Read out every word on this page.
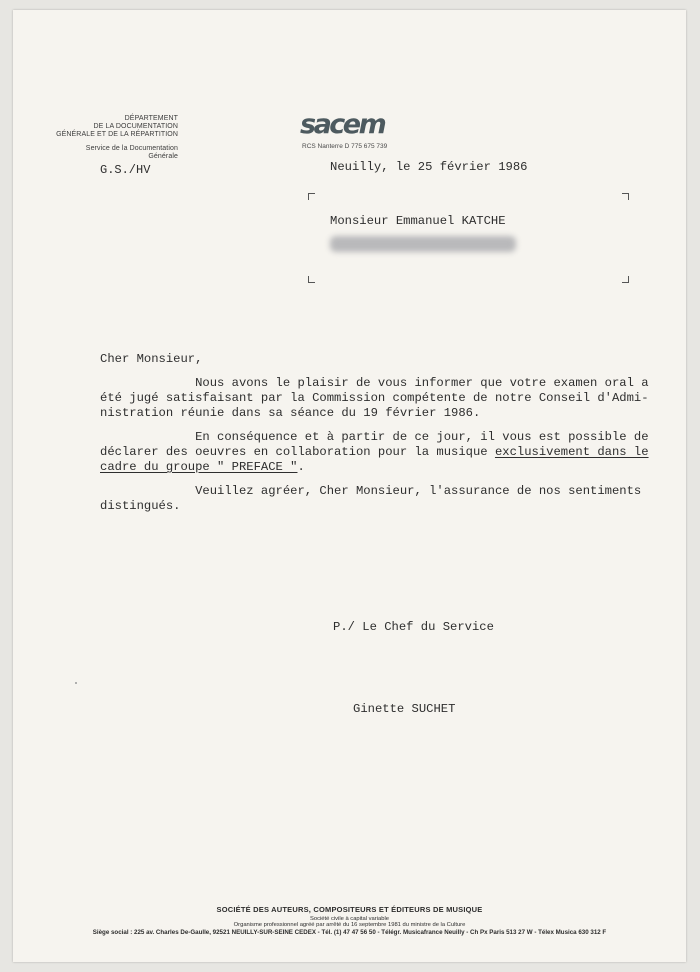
DÉPARTEMENT
DE LA DOCUMENTATION
GÉNÉRALE ET DE LA RÉPARTITION
Service de la Documentation
Générale
G.S./HV
sacem
RCS Nanterre D 775 675 739
Neuilly, le 25 février 1986
Monsieur Emmanuel KATCHE
Cher Monsieur,
Nous avons le plaisir de vous informer que votre examen oral a
été jugé satisfaisant par la Commission compétente de notre Conseil d'Admi-
nistration réunie dans sa séance du 19 février 1986.
En conséquence et à partir de ce jour, il vous est possible de
déclarer des oeuvres en collaboration pour la musique exclusivement dans le
cadre du groupe " PREFACE ".
Veuillez agréer, Cher Monsieur, l'assurance de nos sentiments
distingués.
P./ Le Chef du Service
Ginette SUCHET
SOCIÉTÉ DES AUTEURS, COMPOSITEURS ET ÉDITEURS DE MUSIQUE
Société civile à capital variable
Organisme professionnel agréé par arrêté du 16 septembre 1981 du ministre de la Culture
Siège social : 225 av. Charles De-Gaulle, 92521 NEUILLY-SUR-SEINE CEDEX - Tél. (1) 47 47 56 50 - Télégr. Musicafrance Neuilly - Ch Px Paris 513 27 W - Télex Musica 630 312 F
